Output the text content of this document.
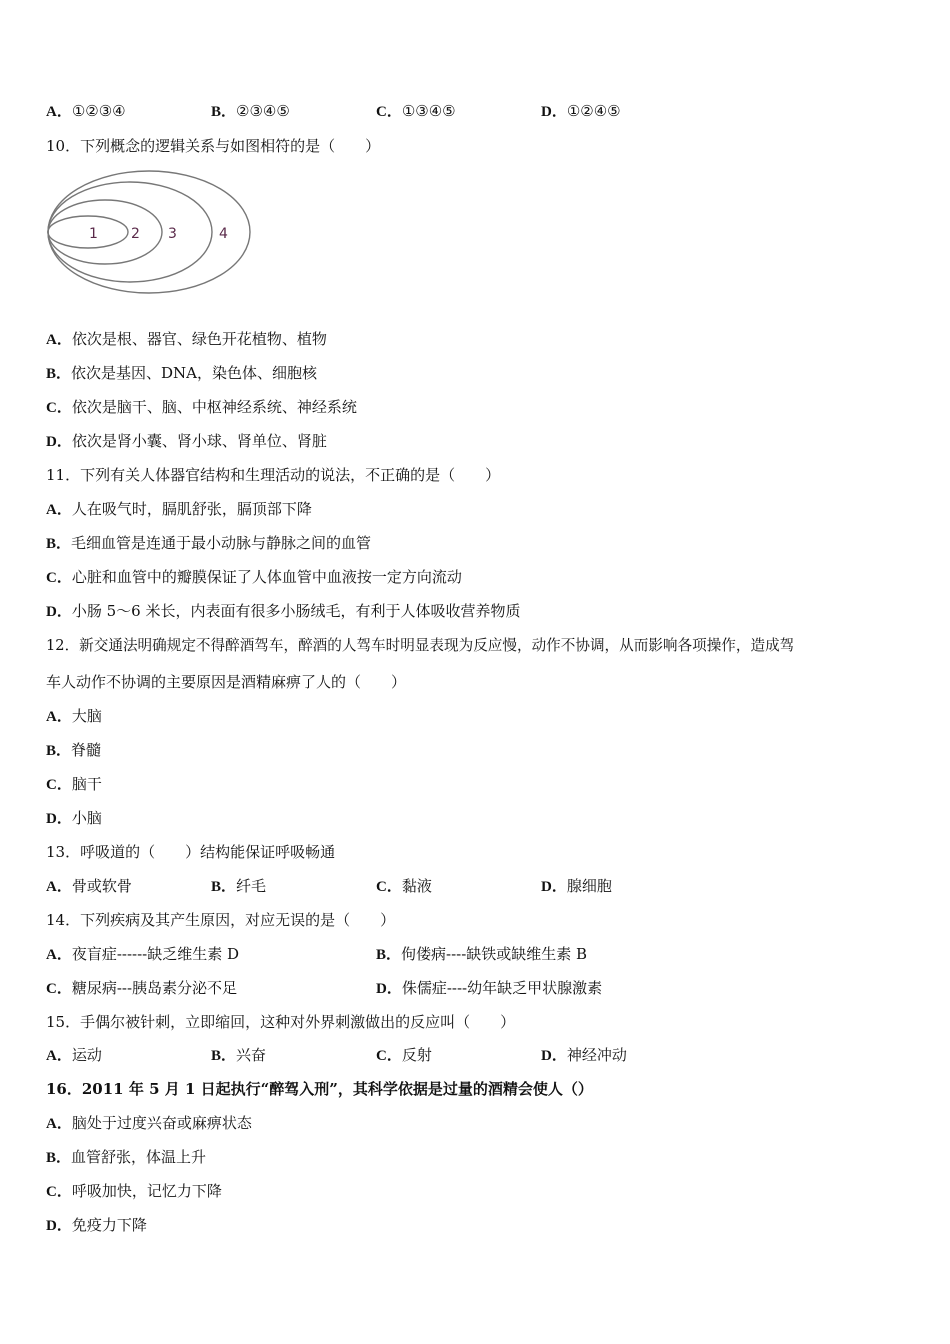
A．①②③④	B．②③④⑤	C．①③④⑤	D．①②④⑤
10．下列概念的逻辑关系与如图相符的是（　　）
1 2 3	4
A．依次是根、器官、绿色开花植物、植物
B．依次是基因、DNA，染色体、细胞核
C．依次是脑干、脑、中枢神经系统、神经系统
D．依次是肾小囊、肾小球、肾单位、肾脏
11．下列有关人体器官结构和生理活动的说法，不正确的是（　　）
A．人在吸气时，膈肌舒张，膈顶部下降
B．毛细血管是连通于最小动脉与静脉之间的血管
C．心脏和血管中的瓣膜保证了人体血管中血液按一定方向流动
D．小肠 5～6 米长，内表面有很多小肠绒毛，有利于人体吸收营养物质
12．新交通法明确规定不得醉酒驾车，醉酒的人驾车时明显表现为反应慢，动作不协调，从而影响各项操作，造成驾
车人动作不协调的主要原因是酒精麻痹了人的（　　）
A．大脑
B．脊髓
C．脑干
D．小脑
13．呼吸道的（　　）结构能保证呼吸畅通
A．骨或软骨	B．纤毛	C．黏液	D．腺细胞
14．下列疾病及其产生原因，对应无误的是（　　）
A．夜盲症------缺乏维生素 D	B．佝偻病----缺铁或缺维生素 B
C．糖尿病---胰岛素分泌不足	D．侏儒症----幼年缺乏甲状腺激素
15．手偶尔被针刺，立即缩回，这种对外界刺激做出的反应叫（　　）
A．运动	B．兴奋	C．反射	D．神经冲动
16．2011 年 5 月 1 日起执行“醉驾入刑”，其科学依据是过量的酒精会使人（）
A．脑处于过度兴奋或麻痹状态
B．血管舒张，体温上升
C．呼吸加快，记忆力下降
D．免疫力下降
